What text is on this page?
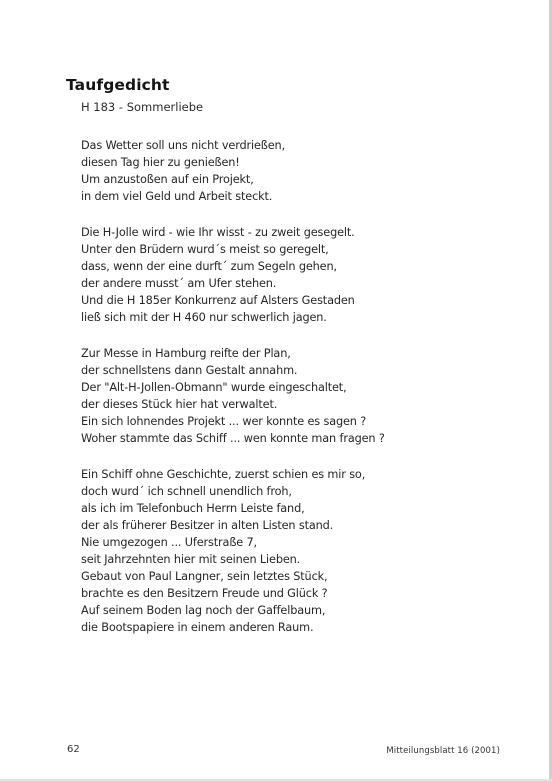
Taufgedicht
H 183 - Sommerliebe
Das Wetter soll uns nicht verdrießen,
diesen Tag hier zu genießen!
Um anzustoßen auf ein Projekt,
in dem viel Geld und Arbeit steckt.
Die H-Jolle wird - wie Ihr wisst - zu zweit gesegelt.
Unter den Brüdern wurd´s meist so geregelt,
dass, wenn der eine durft´ zum Segeln gehen,
der andere musst´ am Ufer stehen.
Und die H 185er Konkurrenz auf Alsters Gestaden
ließ sich mit der H 460 nur schwerlich jagen.
Zur Messe in Hamburg reifte der Plan,
der schnellstens dann Gestalt annahm.
Der "Alt-H-Jollen-Obmann" wurde eingeschaltet,
der dieses Stück hier hat verwaltet.
Ein sich lohnendes Projekt ... wer konnte es sagen ?
Woher stammte das Schiff ... wen konnte man fragen ?
Ein Schiff ohne Geschichte, zuerst schien es mir so,
doch wurd´ ich schnell unendlich froh,
als ich im Telefonbuch Herrn Leiste fand,
der als früherer Besitzer in alten Listen stand.
Nie umgezogen ... Uferstraße 7,
seit Jahrzehnten hier mit seinen Lieben.
Gebaut von Paul Langner, sein letztes Stück,
brachte es den Besitzern Freude und Glück ?
Auf seinem Boden lag noch der Gaffelbaum,
die Bootspapiere in einem anderen Raum.
62	Mitteilungsblatt 16 (2001)
